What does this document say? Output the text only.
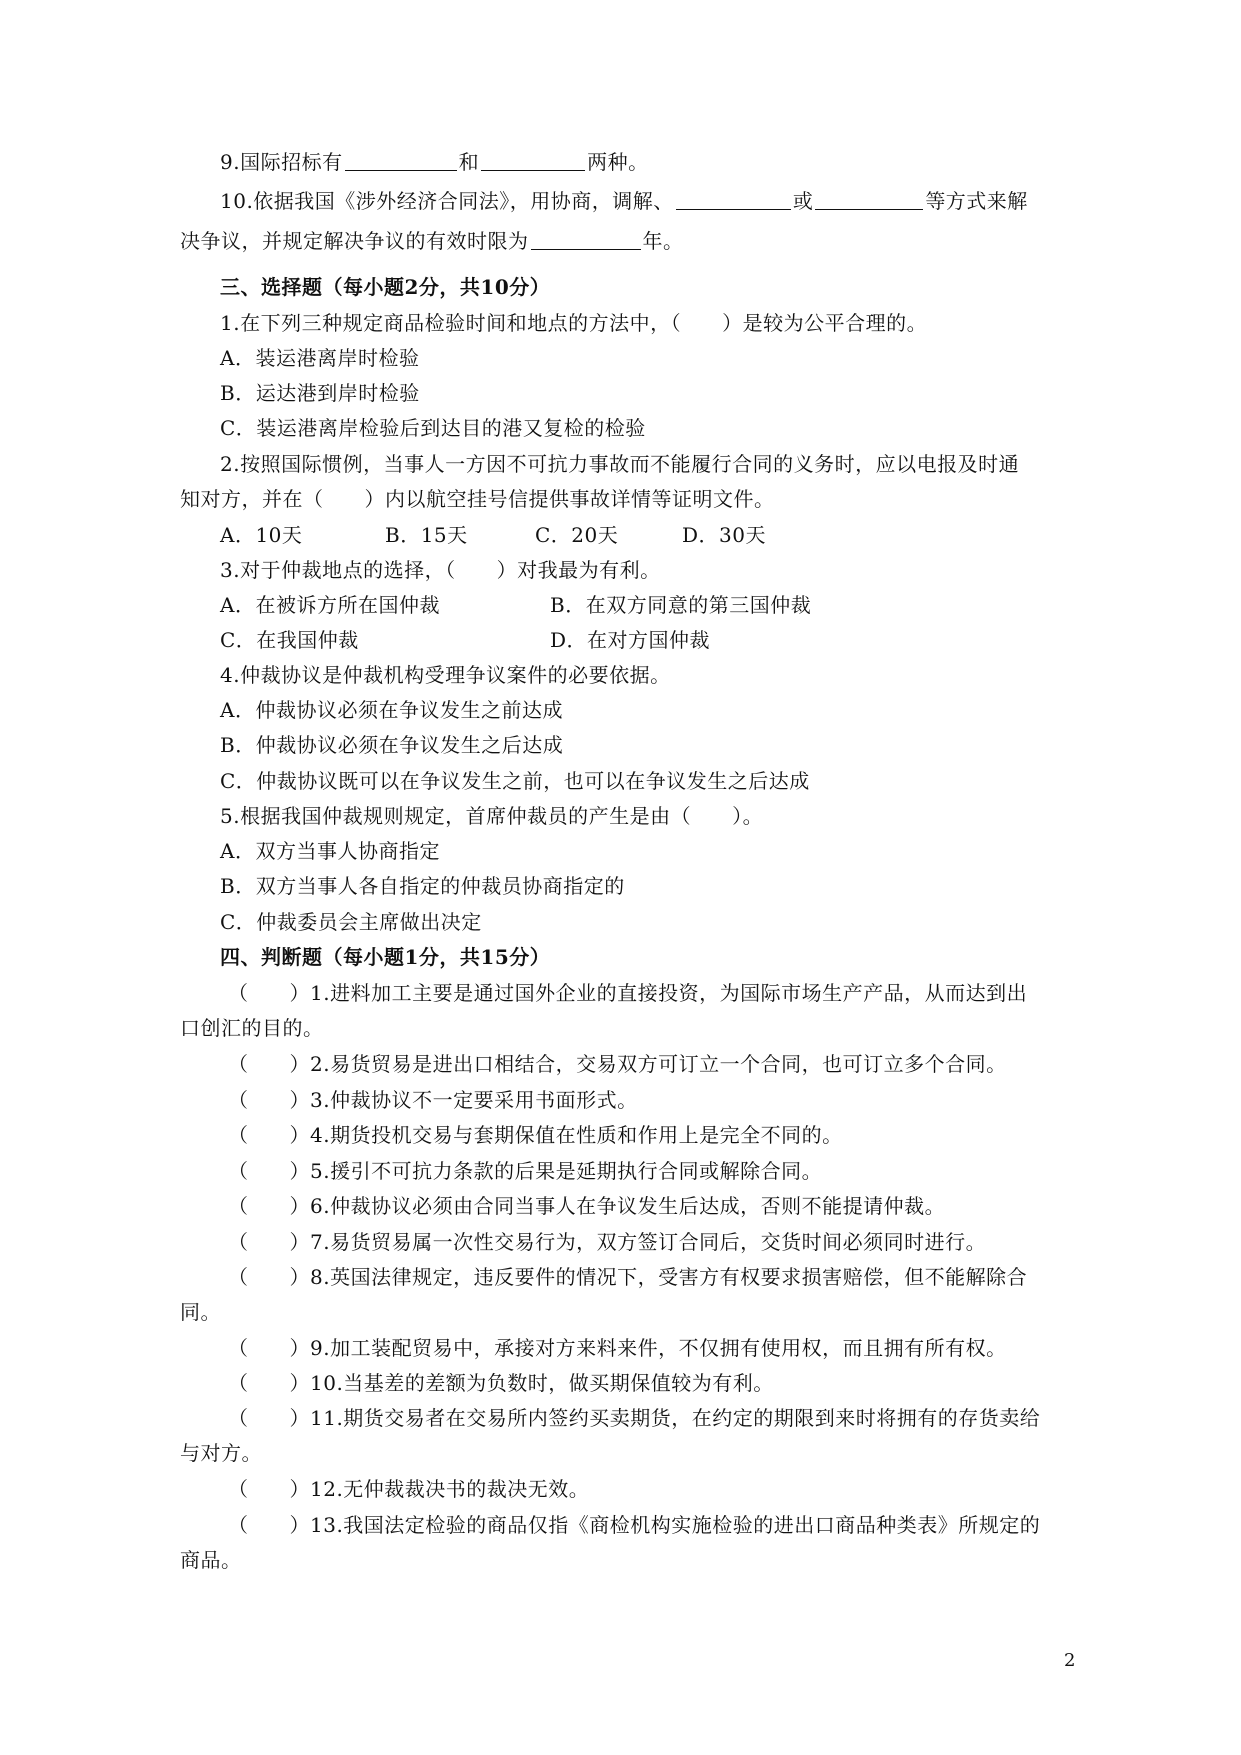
9.国际招标有	和	两种。
10.依据我国《涉外经济合同法》，用协商，调解、	或	等方式来解
决争议，并规定解决争议的有效时限为	年。
三、选择题（每小题2分，共10分）
1.在下列三种规定商品检验时间和地点的方法中，（　　）是较为公平合理的。
A．装运港离岸时检验
B．运达港到岸时检验
C．装运港离岸检验后到达目的港又复检的检验
2.按照国际惯例，当事人一方因不可抗力事故而不能履行合同的义务时，应以电报及时通
知对方，并在（　　）内以航空挂号信提供事故详情等证明文件。
A．10天	B．15天	C．20天	D．30天
3.对于仲裁地点的选择，（　　）对我最为有利。
A．在被诉方所在国仲裁	B．在双方同意的第三国仲裁
C．在我国仲裁	D．在对方国仲裁
4.仲裁协议是仲裁机构受理争议案件的必要依据。
A．仲裁协议必须在争议发生之前达成
B．仲裁协议必须在争议发生之后达成
C．仲裁协议既可以在争议发生之前，也可以在争议发生之后达成
5.根据我国仲裁规则规定，首席仲裁员的产生是由（　　）。
A．双方当事人协商指定
B．双方当事人各自指定的仲裁员协商指定的
C．仲裁委员会主席做出决定
四、判断题（每小题1分，共15分）
（　　）1.进料加工主要是通过国外企业的直接投资，为国际市场生产产品，从而达到出
口创汇的目的。
（　　）2.易货贸易是进出口相结合，交易双方可订立一个合同，也可订立多个合同。
（　　）3.仲裁协议不一定要采用书面形式。
（　　）4.期货投机交易与套期保值在性质和作用上是完全不同的。
（　　）5.援引不可抗力条款的后果是延期执行合同或解除合同。
（　　）6.仲裁协议必须由合同当事人在争议发生后达成，否则不能提请仲裁。
（　　）7.易货贸易属一次性交易行为，双方签订合同后，交货时间必须同时进行。
（　　）8.英国法律规定，违反要件的情况下，受害方有权要求损害赔偿，但不能解除合
同。
（　　）9.加工装配贸易中，承接对方来料来件，不仅拥有使用权，而且拥有所有权。
（　　）10.当基差的差额为负数时，做买期保值较为有利。
（　　）11.期货交易者在交易所内签约买卖期货，在约定的期限到来时将拥有的存货卖给
与对方。
（　　）12.无仲裁裁决书的裁决无效。
（　　）13.我国法定检验的商品仅指《商检机构实施检验的进出口商品种类表》所规定的
商品。
2
